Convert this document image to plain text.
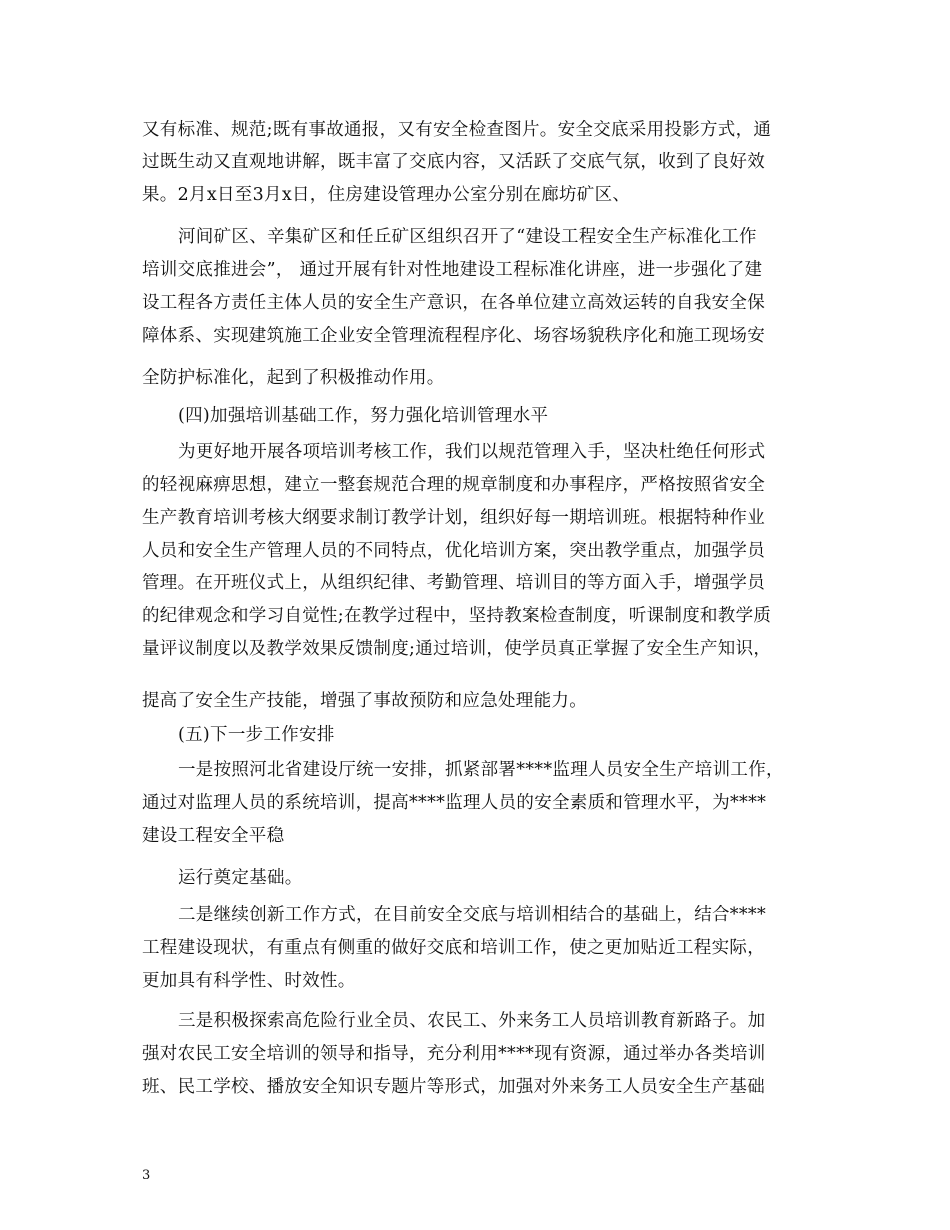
又有标准、规范;既有事故通报，又有安全检查图片。安全交底采用投影方式，通
过既生动又直观地讲解，既丰富了交底内容，又活跃了交底气氛，收到了良好效
果。2月x日至3月x日，住房建设管理办公室分别在廊坊矿区、
河间矿区、辛集矿区和任丘矿区组织召开了“建设工程安全生产标准化工作
培训交底推进会”， 通过开展有针对性地建设工程标准化讲座，进一步强化了建
设工程各方责任主体人员的安全生产意识，在各单位建立高效运转的自我安全保
障体系、实现建筑施工企业安全管理流程程序化、场容场貌秩序化和施工现场安
全防护标准化，起到了积极推动作用。
(四)加强培训基础工作，努力强化培训管理水平
为更好地开展各项培训考核工作，我们以规范管理入手，坚决杜绝任何形式
的轻视麻痹思想，建立一整套规范合理的规章制度和办事程序，严格按照省安全
生产教育培训考核大纲要求制订教学计划，组织好每一期培训班。根据特种作业
人员和安全生产管理人员的不同特点，优化培训方案，突出教学重点，加强学员
管理。在开班仪式上，从组织纪律、考勤管理、培训目的等方面入手，增强学员
的纪律观念和学习自觉性;在教学过程中，坚持教案检查制度，听课制度和教学质
量评议制度以及教学效果反馈制度;通过培训，使学员真正掌握了安全生产知识，
提高了安全生产技能，增强了事故预防和应急处理能力。
(五)下一步工作安排
一是按照河北省建设厅统一安排，抓紧部署****监理人员安全生产培训工作，
通过对监理人员的系统培训，提高****监理人员的安全素质和管理水平，为****
建设工程安全平稳
运行奠定基础。
二是继续创新工作方式，在目前安全交底与培训相结合的基础上，结合****
工程建设现状，有重点有侧重的做好交底和培训工作，使之更加贴近工程实际，
更加具有科学性、时效性。
三是积极探索高危险行业全员、农民工、外来务工人员培训教育新路子。加
强对农民工安全培训的领导和指导，充分利用****现有资源，通过举办各类培训
班、民工学校、播放安全知识专题片等形式，加强对外来务工人员安全生产基础
3
